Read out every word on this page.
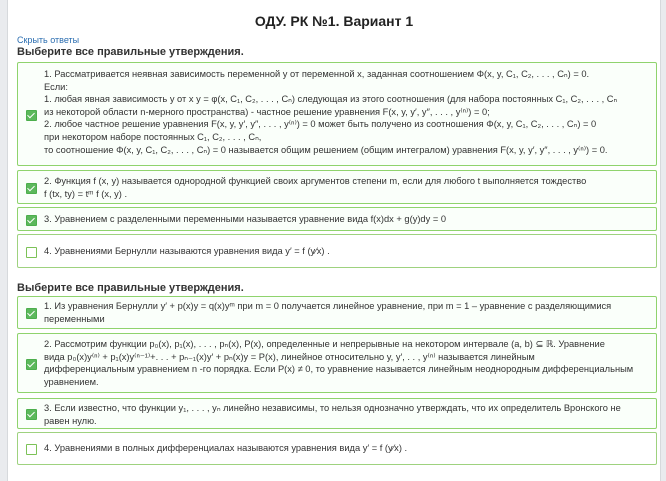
ОДУ. РК №1. Вариант 1
Скрыть ответы
Выберите все правильные утверждения.

1. Рассматривается неявная зависимость переменной y от переменной x, заданная соотношением Φ(x, y, C₁, C₂, . . . , Cₙ) = 0.

Если:

1. любая явная зависимость y от x y = φ(x, C₁, C₂, . . . , Cₙ) следующая из этого соотношения (для набора постоянных C₁, C₂, . . . , Cₙ

из некоторой области n-мерного пространства) - частное решение уравнения F(x, y, y′, y″, . . . , y⁽ⁿ⁾) = 0;

2. любое частное решение уравнения F(x, y, y′, y″, . . . , y⁽ⁿ⁾) = 0 может быть получено из соотношения Φ(x, y, C₁, C₂, . . . , Cₙ) = 0

при некотором наборе постоянных C₁, C₂, . . . , Cₙ,

то соотношение Φ(x, y, C₁, C₂, . . . , Cₙ) = 0 называется общим решением (общим интегралом) уравнения F(x, y, y′, y″, . . . , y⁽ⁿ⁾) = 0.

2. Функция f (x, y) называется однородной функцией своих аргументов степени m, если для любого t выполняется тождество

f (tx, ty) = tᵐ f (x, y) .

3. Уравнением с разделенными переменными называется уравнение вида f(x)dx + g(y)dy = 0

4. Уравнениями Бернулли называются уравнения вида y′ = f (y⁄x) .

Выберите все правильные утверждения.

1. Из уравнения Бернулли y′ + p(x)y = q(x)yᵐ при m = 0 получается линейное уравнение, при m = 1 – уравнение с разделяющимися

переменными

2. Рассмотрим функции p₀(x), p₁(x), . . . , pₙ(x), P(x), определенные и непрерывные на некотором интервале (a, b) ⊆ ℝ. Уравнение

вида p₀(x)y⁽ⁿ⁾ + p₁(x)y⁽ⁿ⁻¹⁾+. . . + pₙ₋₁(x)y′ + pₙ(x)y = P(x), линейное относительно y, y′, . . , y⁽ⁿ⁾ называется линейным

дифференциальным уравнением n -го порядка. Если P(x) ≠ 0, то уравнение называется линейным неоднородным дифференциальным

уравнением.

3. Если известно, что функции y₁, . . . , yₙ линейно независимы, то нельзя однозначно утверждать, что их определитель Вронского не

равен нулю.

4. Уравнениями в полных дифференциалах называются уравнения вида y′ = f (y⁄x) .
